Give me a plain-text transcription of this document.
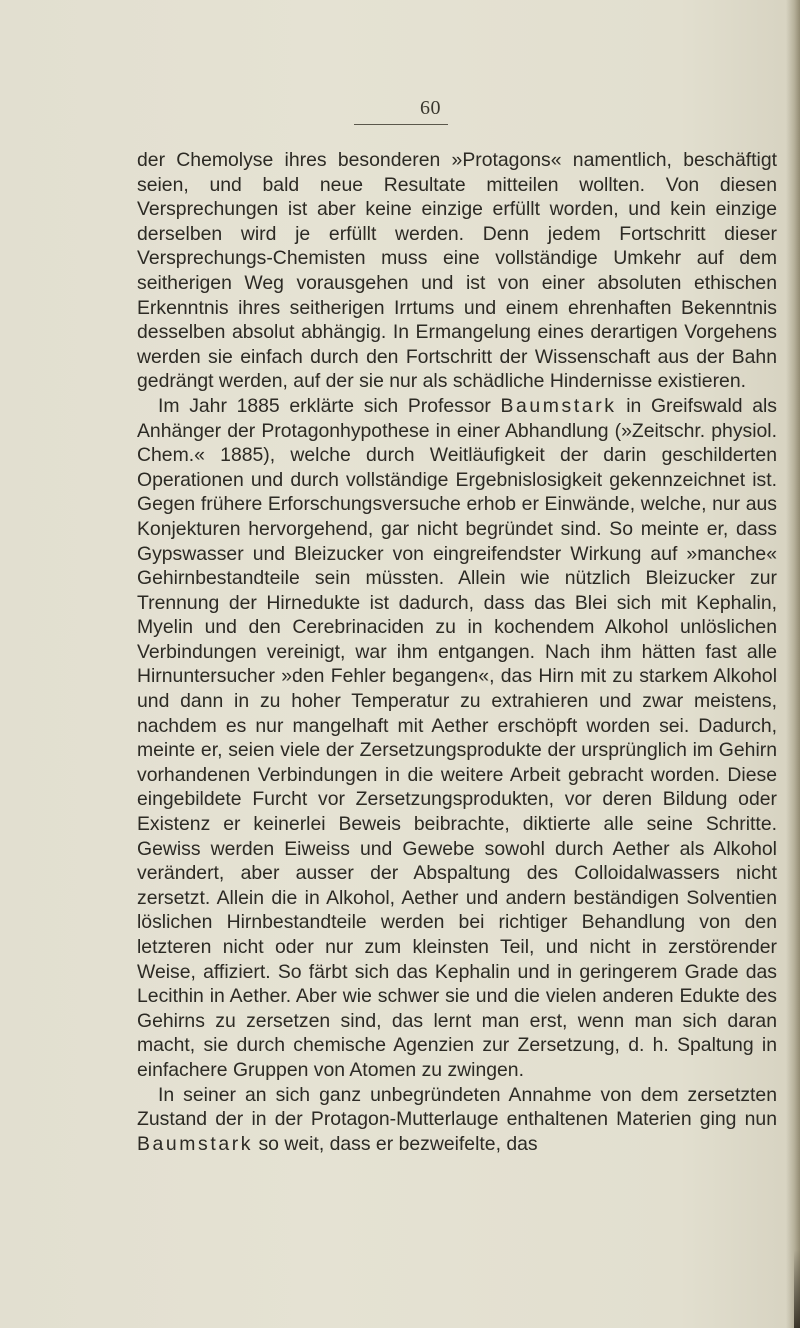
60

der Chemolyse ihres besonderen »Protagons« namentlich, beschäftigt seien, und bald neue Resultate mitteilen wollten. Von diesen Versprechungen ist aber keine einzige erfüllt worden, und kein einzige derselben wird je erfüllt werden. Denn jedem Fortschritt dieser Versprechungs-Chemisten muss eine vollständige Umkehr auf dem seitherigen Weg vorausgehen und ist von einer absoluten ethischen Erkenntnis ihres seitherigen Irrtums und einem ehrenhaften Bekenntnis desselben absolut abhängig. In Ermangelung eines derartigen Vorgehens werden sie einfach durch den Fortschritt der Wissenschaft aus der Bahn gedrängt werden, auf der sie nur als schädliche Hindernisse existieren.

Im Jahr 1885 erklärte sich Professor Baumstark in Greifswald als Anhänger der Protagonhypothese in einer Abhandlung (»Zeitschr. physiol. Chem.« 1885), welche durch Weitläufigkeit der darin geschilderten Operationen und durch vollständige Ergebnislosigkeit gekennzeichnet ist. Gegen frühere Erforschungsversuche erhob er Einwände, welche, nur aus Konjekturen hervorgehend, gar nicht begründet sind. So meinte er, dass Gypswasser und Bleizucker von eingreifendster Wirkung auf »manche« Gehirnbestandteile sein müssten. Allein wie nützlich Bleizucker zur Trennung der Hirnedukte ist dadurch, dass das Blei sich mit Kephalin, Myelin und den Cerebrinaciden zu in kochendem Alkohol unlöslichen Verbindungen vereinigt, war ihm entgangen. Nach ihm hätten fast alle Hirnuntersucher »den Fehler begangen«, das Hirn mit zu starkem Alkohol und dann in zu hoher Temperatur zu extrahieren und zwar meistens, nachdem es nur mangelhaft mit Aether erschöpft worden sei. Dadurch, meinte er, seien viele der Zersetzungsprodukte der ursprünglich im Gehirn vorhandenen Verbindungen in die weitere Arbeit gebracht worden. Diese eingebildete Furcht vor Zersetzungsprodukten, vor deren Bildung oder Existenz er keinerlei Beweis beibrachte, diktierte alle seine Schritte. Gewiss werden Eiweiss und Gewebe sowohl durch Aether als Alkohol verändert, aber ausser der Abspaltung des Colloidalwassers nicht zersetzt. Allein die in Alkohol, Aether und andern beständigen Solventien löslichen Hirnbestandteile werden bei richtiger Behandlung von den letzteren nicht oder nur zum kleinsten Teil, und nicht in zerstörender Weise, affiziert. So färbt sich das Kephalin und in geringerem Grade das Lecithin in Aether. Aber wie schwer sie und die vielen anderen Edukte des Gehirns zu zersetzen sind, das lernt man erst, wenn man sich daran macht, sie durch chemische Agenzien zur Zersetzung, d. h. Spaltung in einfachere Gruppen von Atomen zu zwingen.

In seiner an sich ganz unbegründeten Annahme von dem zersetzten Zustand der in der Protagon-Mutterlauge enthaltenen Materien ging nun Baumstark so weit, dass er bezweifelte, das
